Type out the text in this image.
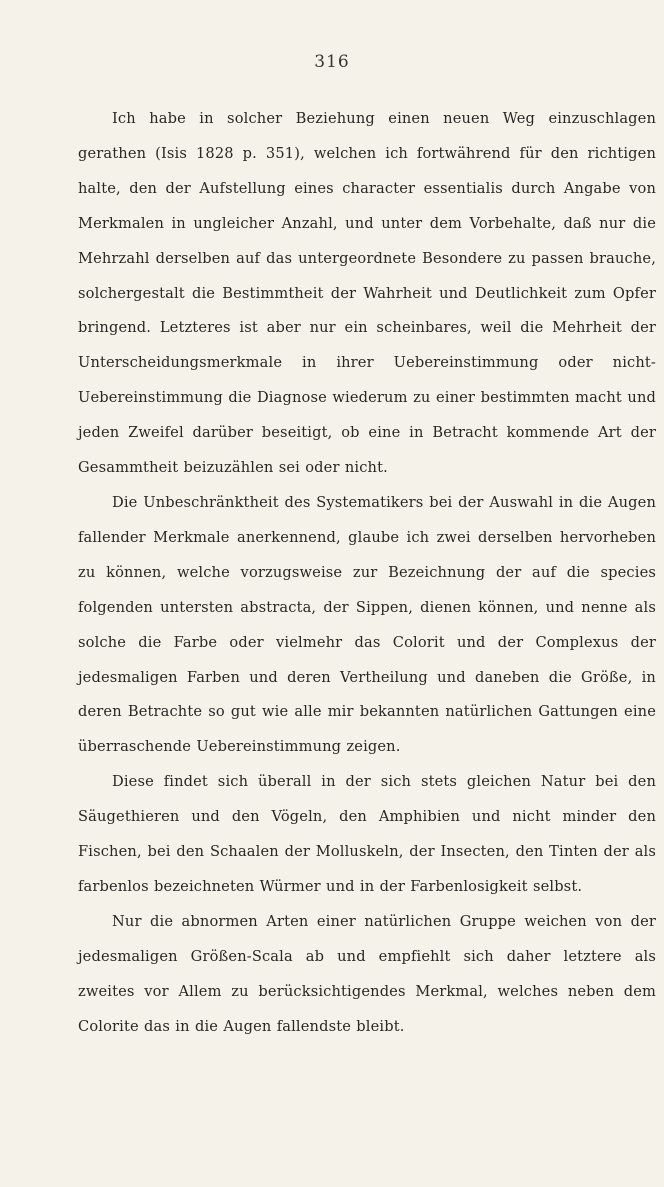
316

Ich habe in solcher Beziehung einen neuen Weg einzuschlagen gerathen (Isis 1828 p. 351), welchen ich fortwährend für den richtigen halte, den der Aufstellung eines character essentialis durch Angabe von Merkmalen in ungleicher Anzahl, und unter dem Vorbehalte, daß nur die Mehrzahl derselben auf das untergeordnete Besondere zu passen brauche, solchergestalt die Bestimmtheit der Wahrheit und Deutlichkeit zum Opfer bringend. Letzteres ist aber nur ein scheinbares, weil die Mehrheit der Unterscheidungsmerkmale in ihrer Uebereinstimmung oder nicht-Uebereinstimmung die Diagnose wiederum zu einer bestimmten macht und jeden Zweifel darüber beseitigt, ob eine in Betracht kommende Art der Gesammtheit beizuzählen sei oder nicht.

Die Unbeschränktheit des Systematikers bei der Auswahl in die Augen fallender Merkmale anerkennend, glaube ich zwei derselben hervorheben zu können, welche vorzugsweise zur Bezeichnung der auf die species folgenden untersten abstracta, der Sippen, dienen können, und nenne als solche die Farbe oder vielmehr das Colorit und der Complexus der jedesmaligen Farben und deren Vertheilung und daneben die Größe, in deren Betrachte so gut wie alle mir bekannten natürlichen Gattungen eine überraschende Uebereinstimmung zeigen.

Diese findet sich überall in der sich stets gleichen Natur bei den Säugethieren und den Vögeln, den Amphibien und nicht minder den Fischen, bei den Schaalen der Molluskeln, der Insecten, den Tinten der als farbenlos bezeichneten Würmer und in der Farbenlosigkeit selbst.

Nur die abnormen Arten einer natürlichen Gruppe weichen von der jedesmaligen Größen-Scala ab und empfiehlt sich daher letztere als zweites vor Allem zu berücksichtigendes Merkmal, welches neben dem Colorite das in die Augen fallendste bleibt.
